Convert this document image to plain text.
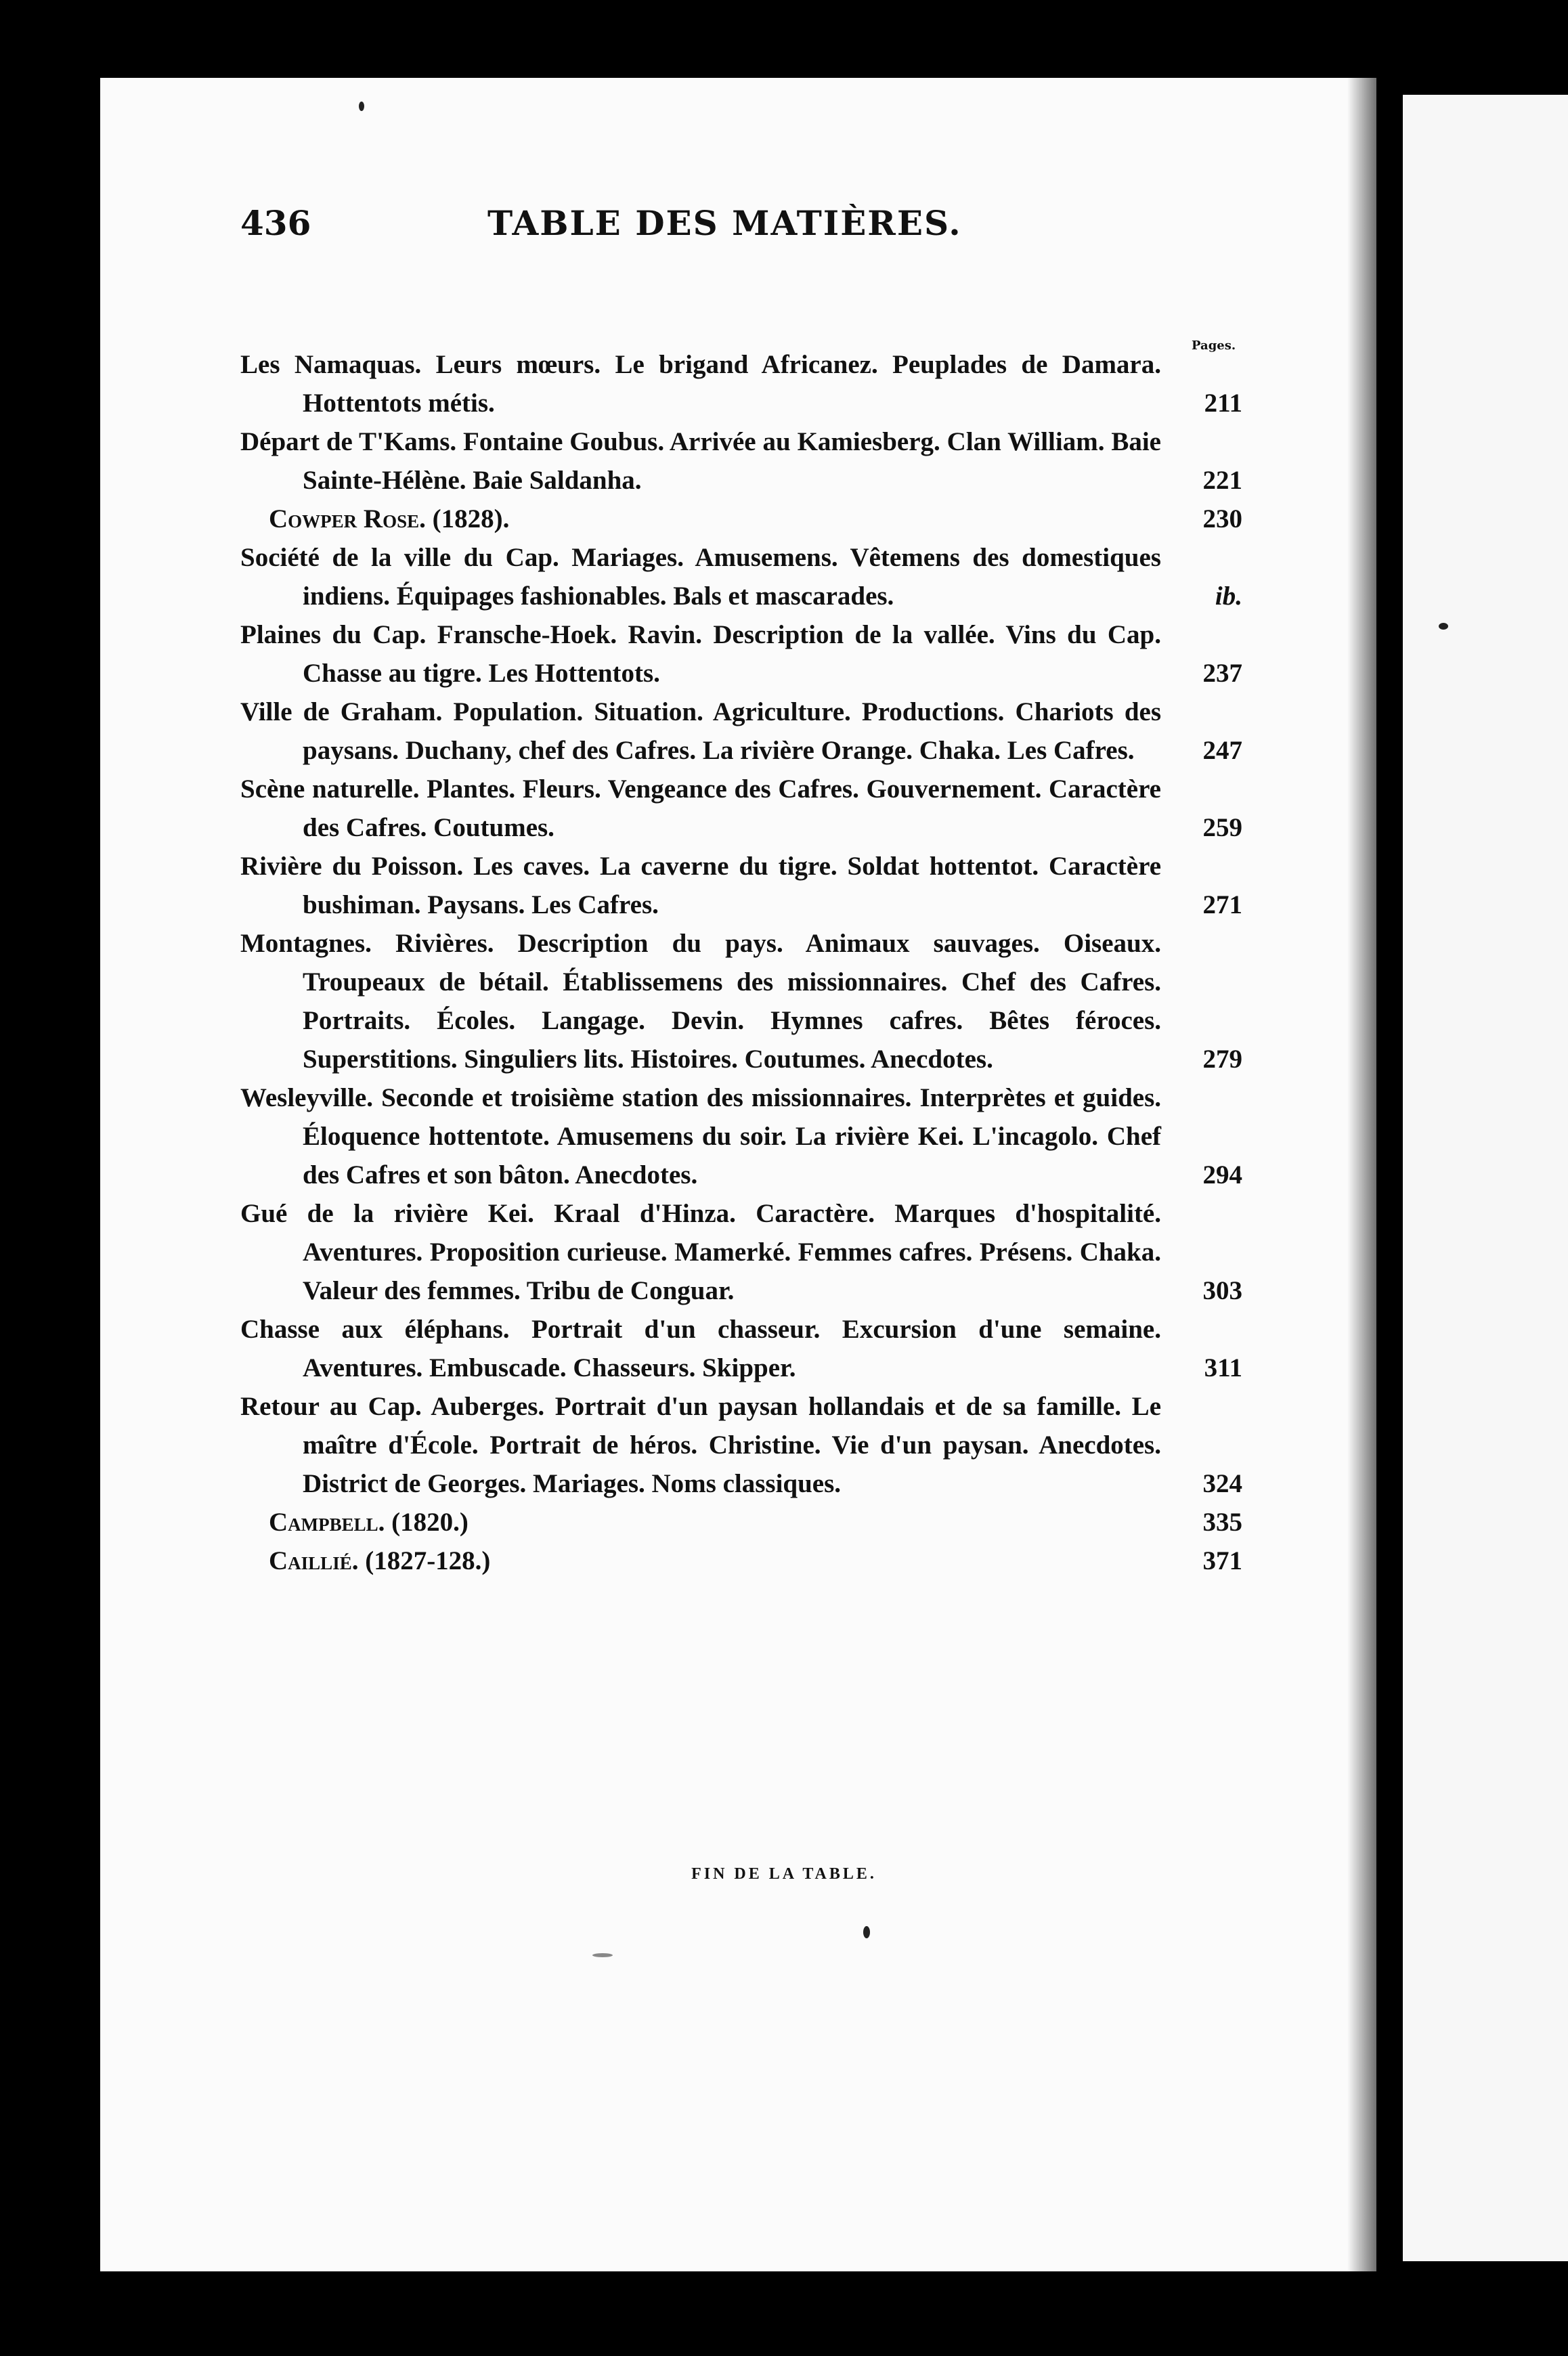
436	TABLE DES MATIÈRES.
Pages.
Les Namaquas. Leurs mœurs. Le brigand Africanez. Peuplades de Damara. Hottentots métis.	211
Départ de T'Kams. Fontaine Goubus. Arrivée au Kamiesberg. Clan William. Baie Sainte-Hélène. Baie Saldanha.	221
Cowper Rose. (1828).	230
Société de la ville du Cap. Mariages. Amusemens. Vêtemens des domestiques indiens. Équipages fashionables. Bals et mascarades.	ib.
Plaines du Cap. Fransche-Hoek. Ravin. Description de la vallée. Vins du Cap. Chasse au tigre. Les Hottentots.	237
Ville de Graham. Population. Situation. Agriculture. Productions. Chariots des paysans. Duchany, chef des Cafres. La rivière Orange. Chaka. Les Cafres.	247
Scène naturelle. Plantes. Fleurs. Vengeance des Cafres. Gouvernement. Caractère des Cafres. Coutumes.	259
Rivière du Poisson. Les caves. La caverne du tigre. Soldat hottentot. Caractère bushiman. Paysans. Les Cafres.	271
Montagnes. Rivières. Description du pays. Animaux sauvages. Oiseaux. Troupeaux de bétail. Établissemens des missionnaires. Chef des Cafres. Portraits. Écoles. Langage. Devin. Hymnes cafres. Bêtes féroces. Superstitions. Singuliers lits. Histoires. Coutumes. Anecdotes.	279
Wesleyville. Seconde et troisième station des missionnaires. Interprètes et guides. Éloquence hottentote. Amusemens du soir. La rivière Kei. L'incagolo. Chef des Cafres et son bâton. Anecdotes.	294
Gué de la rivière Kei. Kraal d'Hinza. Caractère. Marques d'hospitalité. Aventures. Proposition curieuse. Mamerké. Femmes cafres. Présens. Chaka. Valeur des femmes. Tribu de Conguar.	303
Chasse aux éléphans. Portrait d'un chasseur. Excursion d'une semaine. Aventures. Embuscade. Chasseurs. Skipper.	311
Retour au Cap. Auberges. Portrait d'un paysan hollandais et de sa famille. Le maître d'École. Portrait de héros. Christine. Vie d'un paysan. Anecdotes. District de Georges. Mariages. Noms classiques.	324
Campbell. (1820.)	335
Caillié. (1827-128.)	371
FIN DE LA TABLE.
